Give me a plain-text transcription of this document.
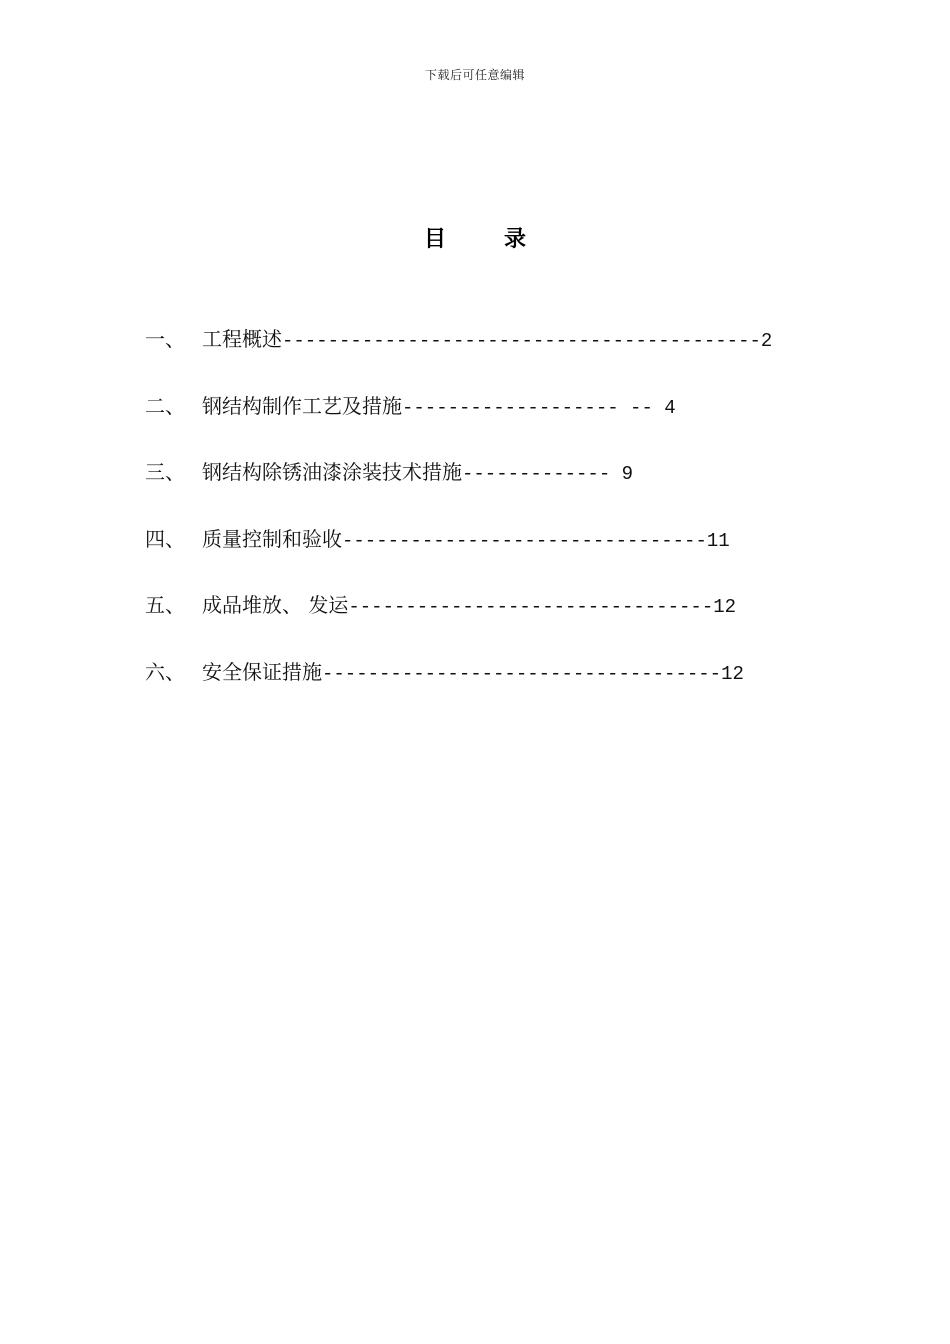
下载后可任意编辑
目	录
一、 工程概述------------------------------------------2
二、 钢结构制作工艺及措施------------------- -- 4
三、 钢结构除锈油漆涂装技术措施------------- 9
四、 质量控制和验收--------------------------------11
五、 成品堆放、 发运--------------------------------12
六、 安全保证措施-----------------------------------12
